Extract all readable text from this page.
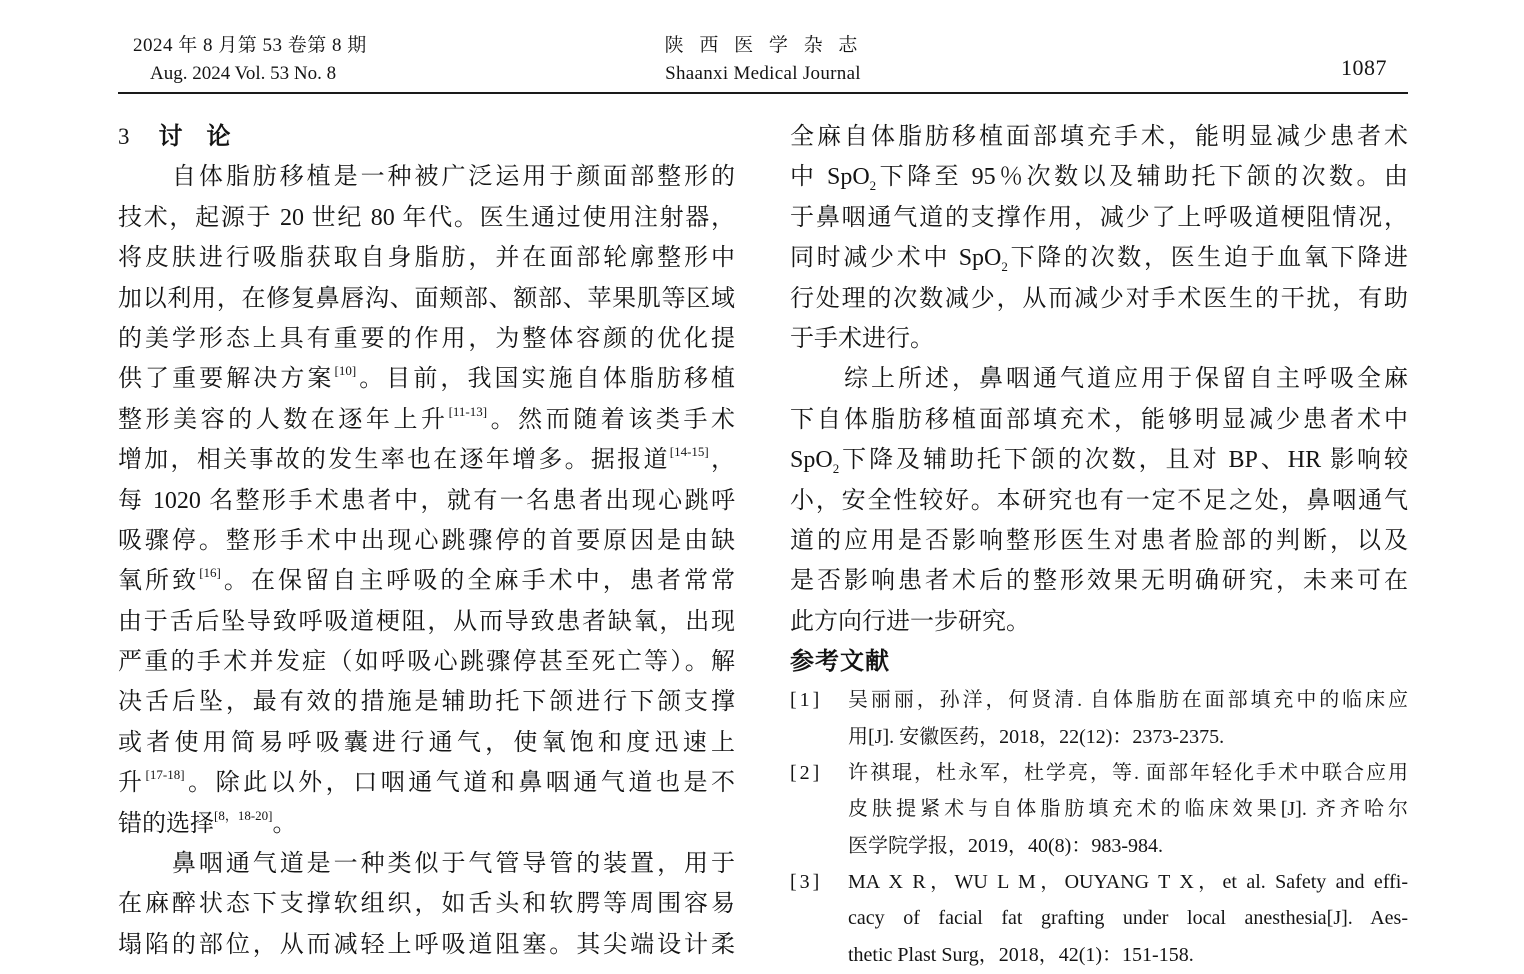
2024 年 8 月第 53 卷第 8 期
Aug. 2024 Vol. 53 No. 8
陕 西 医 学 杂 志
Shaanxi Medical Journal	1087
3 讨　论
　　自体脂肪移植是一种被广泛运用于颜面部整形的
技术，起源于 20 世纪 80 年代。医生通过使用注射器，
将皮肤进行吸脂获取自身脂肪，并在面部轮廓整形中
加以利用，在修复鼻唇沟、面颊部、额部、苹果肌等区域
的美学形态上具有重要的作用，为整体容颜的优化提
供了重要解决方案[10]。目前，我国实施自体脂肪移植
整形美容的人数在逐年上升[11-13]。然而随着该类手术
增加，相关事故的发生率也在逐年增多。据报道[14-15]，
每 1020 名整形手术患者中，就有一名患者出现心跳呼
吸骤停。整形手术中出现心跳骤停的首要原因是由缺
氧所致[16]。在保留自主呼吸的全麻手术中，患者常常
由于舌后坠导致呼吸道梗阻，从而导致患者缺氧，出现
严重的手术并发症（如呼吸心跳骤停甚至死亡等）。解
决舌后坠，最有效的措施是辅助托下颌进行下颌支撑
或者使用简易呼吸囊进行通气，使氧饱和度迅速上
升[17-18]。除此以外，口咽通气道和鼻咽通气道也是不
错的选择[8，18-20]。
　　鼻咽通气道是一种类似于气管导管的装置，用于
在麻醉状态下支撑软组织，如舌头和软腭等周围容易
塌陷的部位，从而减轻上呼吸道阻塞。其尖端设计柔
全麻自体脂肪移植面部填充手术，能明显减少患者术
中 SpO$_2$下降至 95％次数以及辅助托下颌的次数。由
于鼻咽通气道的支撑作用，减少了上呼吸道梗阻情况，
同时减少术中 SpO$_2$下降的次数，医生迫于血氧下降进
行处理的次数减少，从而减少对手术医生的干扰，有助
于手术进行。
　　综上所述，鼻咽通气道应用于保留自主呼吸全麻
下自体脂肪移植面部填充术，能够明显减少患者术中
SpO$_2$下降及辅助托下颌的次数，且对 BP、HR 影响较
小，安全性较好。本研究也有一定不足之处，鼻咽通气
道的应用是否影响整形医生对患者脸部的判断，以及
是否影响患者术后的整形效果无明确研究，未来可在
此方向行进一步研究。
参考文献
[1]	吴丽丽，孙洋，何贤清. 自体脂肪在面部填充中的临床应
用[J]. 安徽医药，2018，22(12)：2373-2375.
[2]	许祺琨，杜永军，杜学亮，等. 面部年轻化手术中联合应用
皮肤提紧术与自体脂肪填充术的临床效果[J]. 齐齐哈尔
医学院学报，2019，40(8)：983-984.
[3]	MA X R，WU L M，OUYANG T X，et al. Safety and effi-
cacy of facial fat grafting under local anesthesia[J]. Aes-
thetic Plast Surg，2018，42(1)：151-158.
